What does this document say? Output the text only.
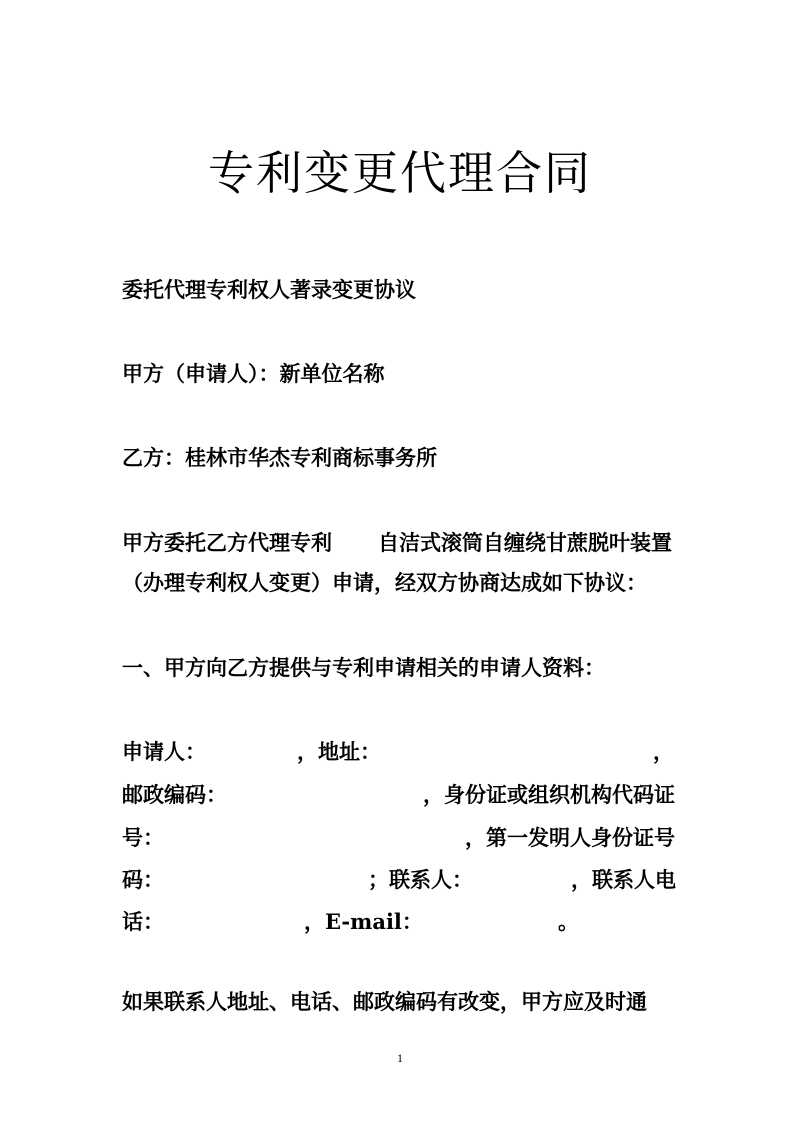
专利变更代理合同
委托代理专利权人著录变更协议
甲方（申请人）：新单位名称
乙方：桂林市华杰专利商标事务所
甲方委托乙方代理专利 自洁式滚筒自缠绕甘蔗脱叶装置
（办理专利权人变更）申请，经双方协商达成如下协议：
一、甲方向乙方提供与专利申请相关的申请人资料：
申请人：	，地址：	，
邮政编码：	，身份证或组织机构代码证
号：	，第一发明人身份证号
码：	；联系人：	，联系人电
话：	，E-mail：	。
如果联系人地址、电话、邮政编码有改变，甲方应及时通
1
